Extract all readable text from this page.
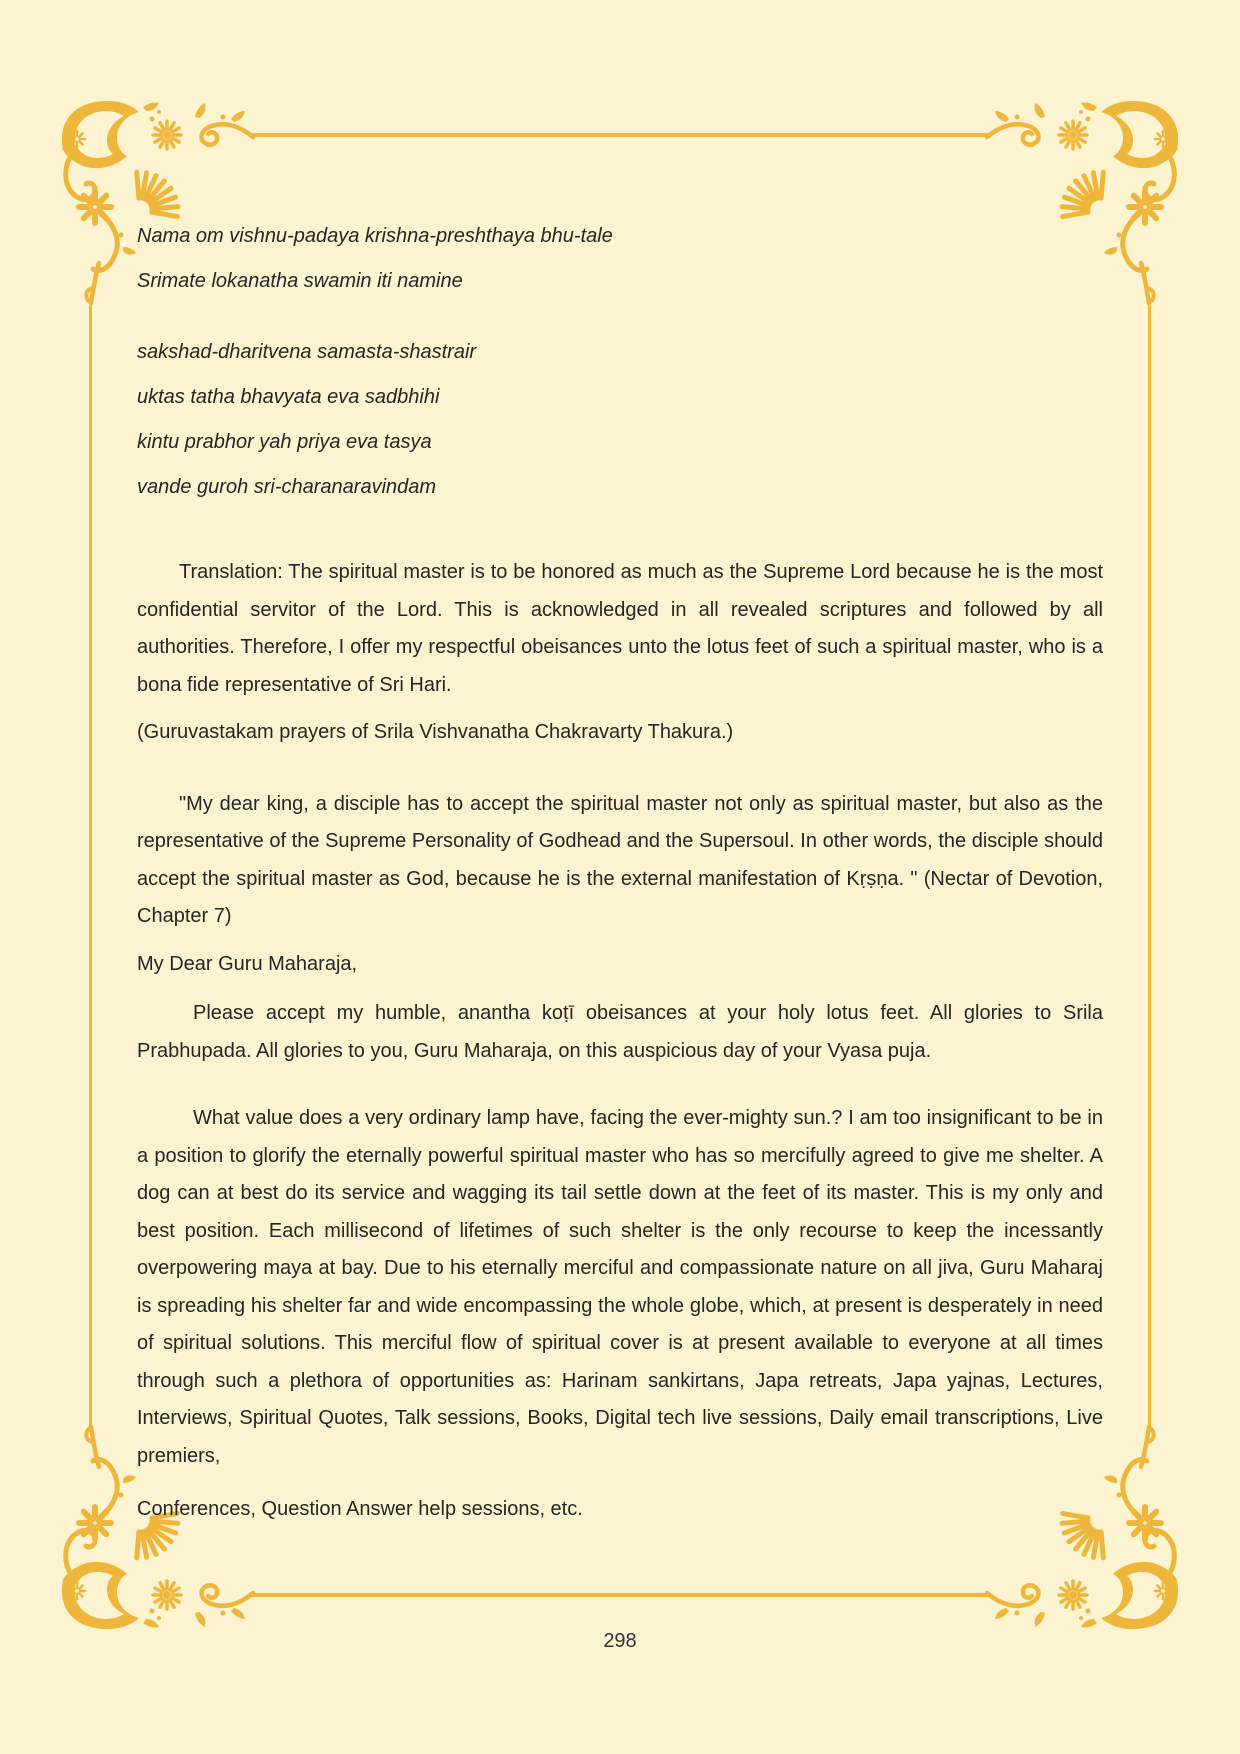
Nama om vishnu-padaya krishna-preshthaya bhu-tale

Srimate lokanatha swamin iti namine

sakshad-dharitvena samasta-shastrair

uktas tatha bhavyata eva sadbhihi

kintu prabhor yah priya eva tasya

vande guroh sri-charanaravindam

Translation: The spiritual master is to be honored as much as the Supreme Lord because he is the most confidential servitor of the Lord. This is acknowledged in all revealed scriptures and followed by all authorities. Therefore, I offer my respectful obeisances unto the lotus feet of such a spiritual master, who is a bona fide representative of Sri Hari.

(Guruvastakam prayers of Srila Vishvanatha Chakravarty Thakura.)

"My dear king, a disciple has to accept the spiritual master not only as spiritual master, but also as the representative of the Supreme Personality of Godhead and the Supersoul. In other words, the disciple should accept the spiritual master as God, because he is the external manifestation of Kṛṣṇa. " (Nectar of Devotion, Chapter 7)

My Dear Guru Maharaja,

Please accept my humble, anantha koṭī obeisances at your holy lotus feet. All glories to Srila Prabhupada. All glories to you, Guru Maharaja, on this auspicious day of your Vyasa puja.

What value does a very ordinary lamp have, facing the ever-mighty sun.? I am too insignificant to be in a position to glorify the eternally powerful spiritual master who has so mercifully agreed to give me shelter. A dog can at best do its service and wagging its tail settle down at the feet of its master. This is my only and best position. Each millisecond of lifetimes of such shelter is the only recourse to keep the incessantly overpowering maya at bay. Due to his eternally merciful and compassionate nature on all jiva, Guru Maharaj is spreading his shelter far and wide encompassing the whole globe, which, at present is desperately in need of spiritual solutions. This merciful flow of spiritual cover is at present available to everyone at all times through such a plethora of opportunities as: Harinam sankirtans, Japa retreats, Japa yajnas, Lectures, Interviews, Spiritual Quotes, Talk sessions, Books, Digital tech live sessions, Daily email transcriptions, Live premiers,

Conferences, Question Answer help sessions, etc.

298
